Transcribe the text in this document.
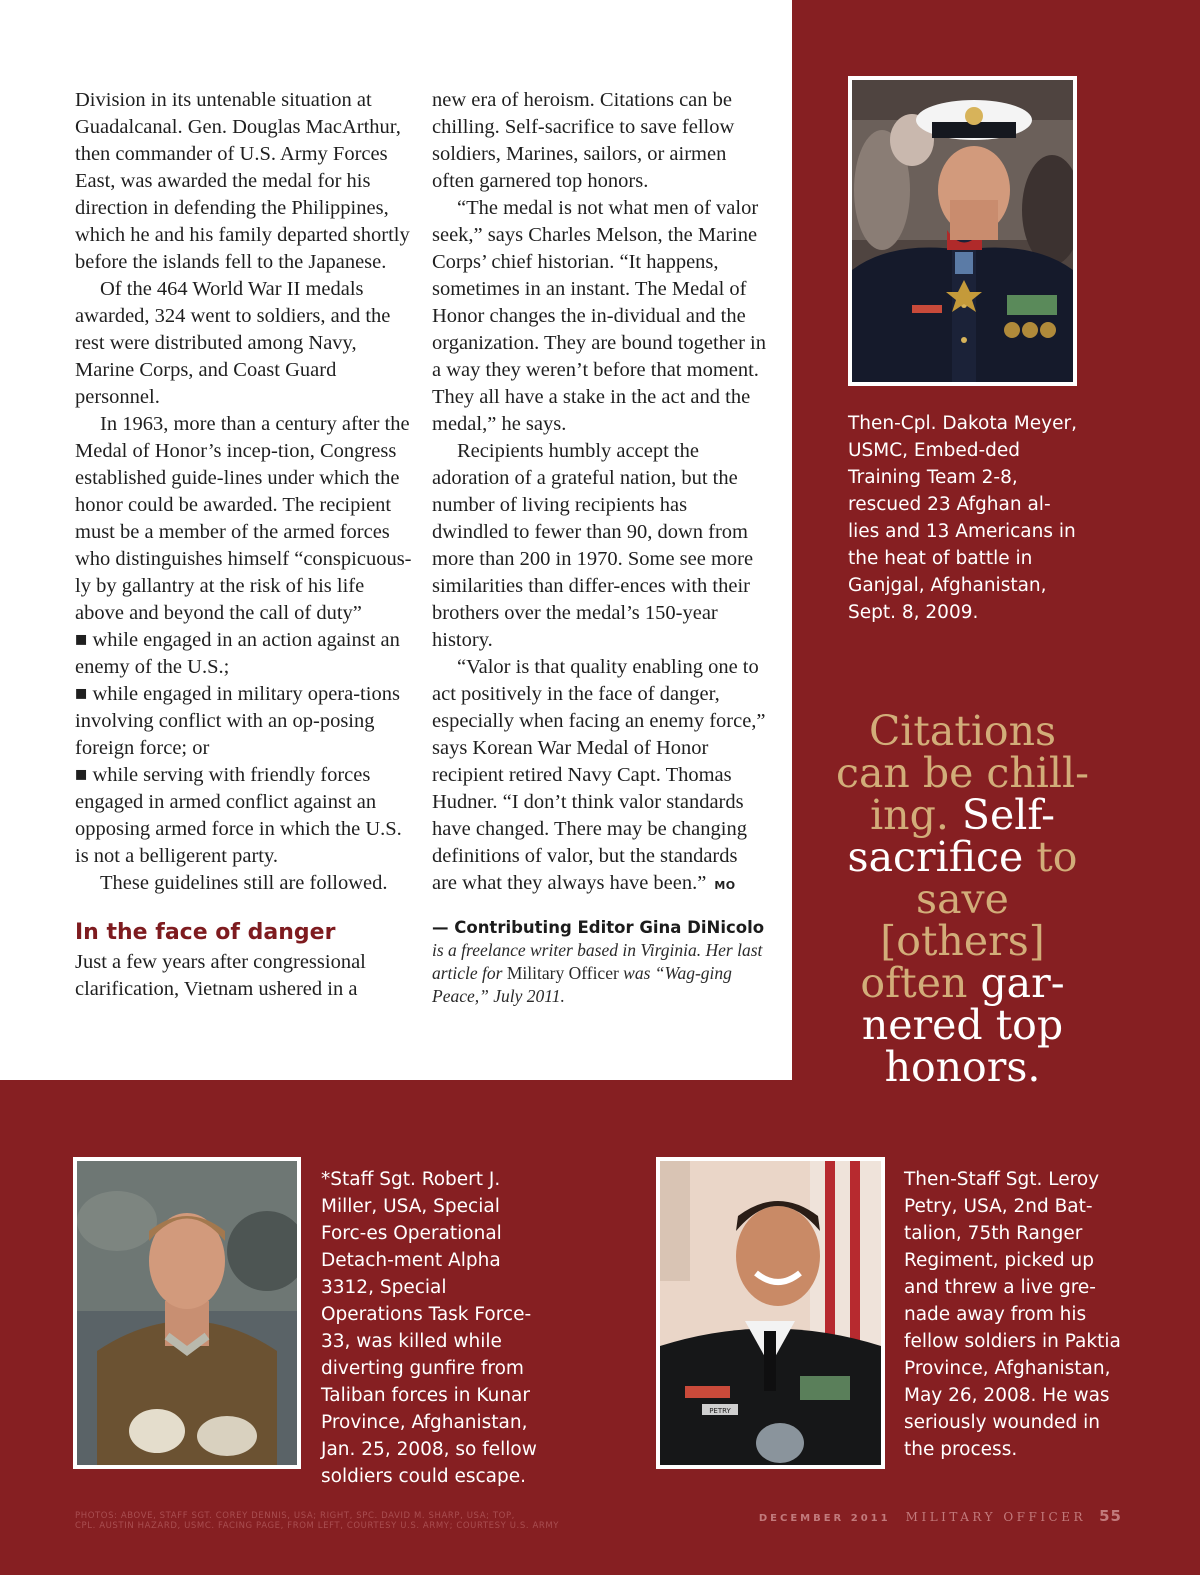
Division in its untenable situation at Guadalcanal. Gen. Douglas MacArthur, then commander of U.S. Army Forces East, was awarded the medal for his direction in defending the Philippines, which he and his family departed shortly before the islands fell to the Japanese.

Of the 464 World War II medals awarded, 324 went to soldiers, and the rest were distributed among Navy, Marine Corps, and Coast Guard personnel.

In 1963, more than a century after the Medal of Honor’s incep-tion, Congress established guide-lines under which the honor could be awarded. The recipient must be a member of the armed forces who distinguishes himself “conspicuous-ly by gallantry at the risk of his life above and beyond the call of duty”

■ while engaged in an action against an enemy of the U.S.;

■ while engaged in military opera-tions involving conflict with an op-posing foreign force; or

■ while serving with friendly forces engaged in armed conflict against an opposing armed force in which the U.S. is not a belligerent party.

These guidelines still are followed.

In the face of danger

Just a few years after congressional clarification, Vietnam ushered in a

new era of heroism. Citations can be chilling. Self-sacrifice to save fellow soldiers, Marines, sailors, or airmen often garnered top honors.

“The medal is not what men of valor seek,” says Charles Melson, the Marine Corps’ chief historian. “It happens, sometimes in an instant. The Medal of Honor changes the in-dividual and the organization. They are bound together in a way they weren’t before that moment. They all have a stake in the act and the medal,” he says.

Recipients humbly accept the adoration of a grateful nation, but the number of living recipients has dwindled to fewer than 90, down from more than 200 in 1970. Some see more similarities than differ-ences with their brothers over the medal’s 150-year history.

“Valor is that quality enabling one to act positively in the face of danger, especially when facing an enemy force,” says Korean War Medal of Honor recipient retired Navy Capt. Thomas Hudner. “I don’t think valor standards have changed. There may be changing definitions of valor, but the standards are what they always have been.” MO

— Contributing Editor Gina DiNicolo

is a freelance writer based in Virginia. Her last article for Military Officer was “Wag-ging Peace,” July 2011.

Then-Cpl. Dakota Meyer, USMC, Embed-ded Training Team 2-8, rescued 23 Afghan al-lies and 13 Americans in the heat of battle in Ganjgal, Afghanistan, Sept. 8, 2009.
Citations can be chill-ing. Self-sacrifice to save [others] often gar-nered top honors.
*Staff Sgt. Robert J. Miller, USA, Special Forc-es Operational Detach-ment Alpha 3312, Special Operations Task Force-33, was killed while diverting gunfire from Taliban forces in Kunar Province, Afghanistan, Jan. 25, 2008, so fellow soldiers could escape.
PETRY
Then-Staff Sgt. Leroy Petry, USA, 2nd Bat-talion, 75th Ranger Regiment, picked up and threw a live gre-nade away from his fellow soldiers in Paktia Province, Afghanistan, May 26, 2008. He was seriously wounded in the process.
PHOTOS: ABOVE, STAFF SGT. COREY DENNIS, USA; RIGHT, SPC. DAVID M. SHARP, USA; TOP,
CPL. AUSTIN HAZARD, USMC. FACING PAGE, FROM LEFT, COURTESY U.S. ARMY; COURTESY U.S. ARMY
DECEMBER 2011 MILITARY OFFICER 55
